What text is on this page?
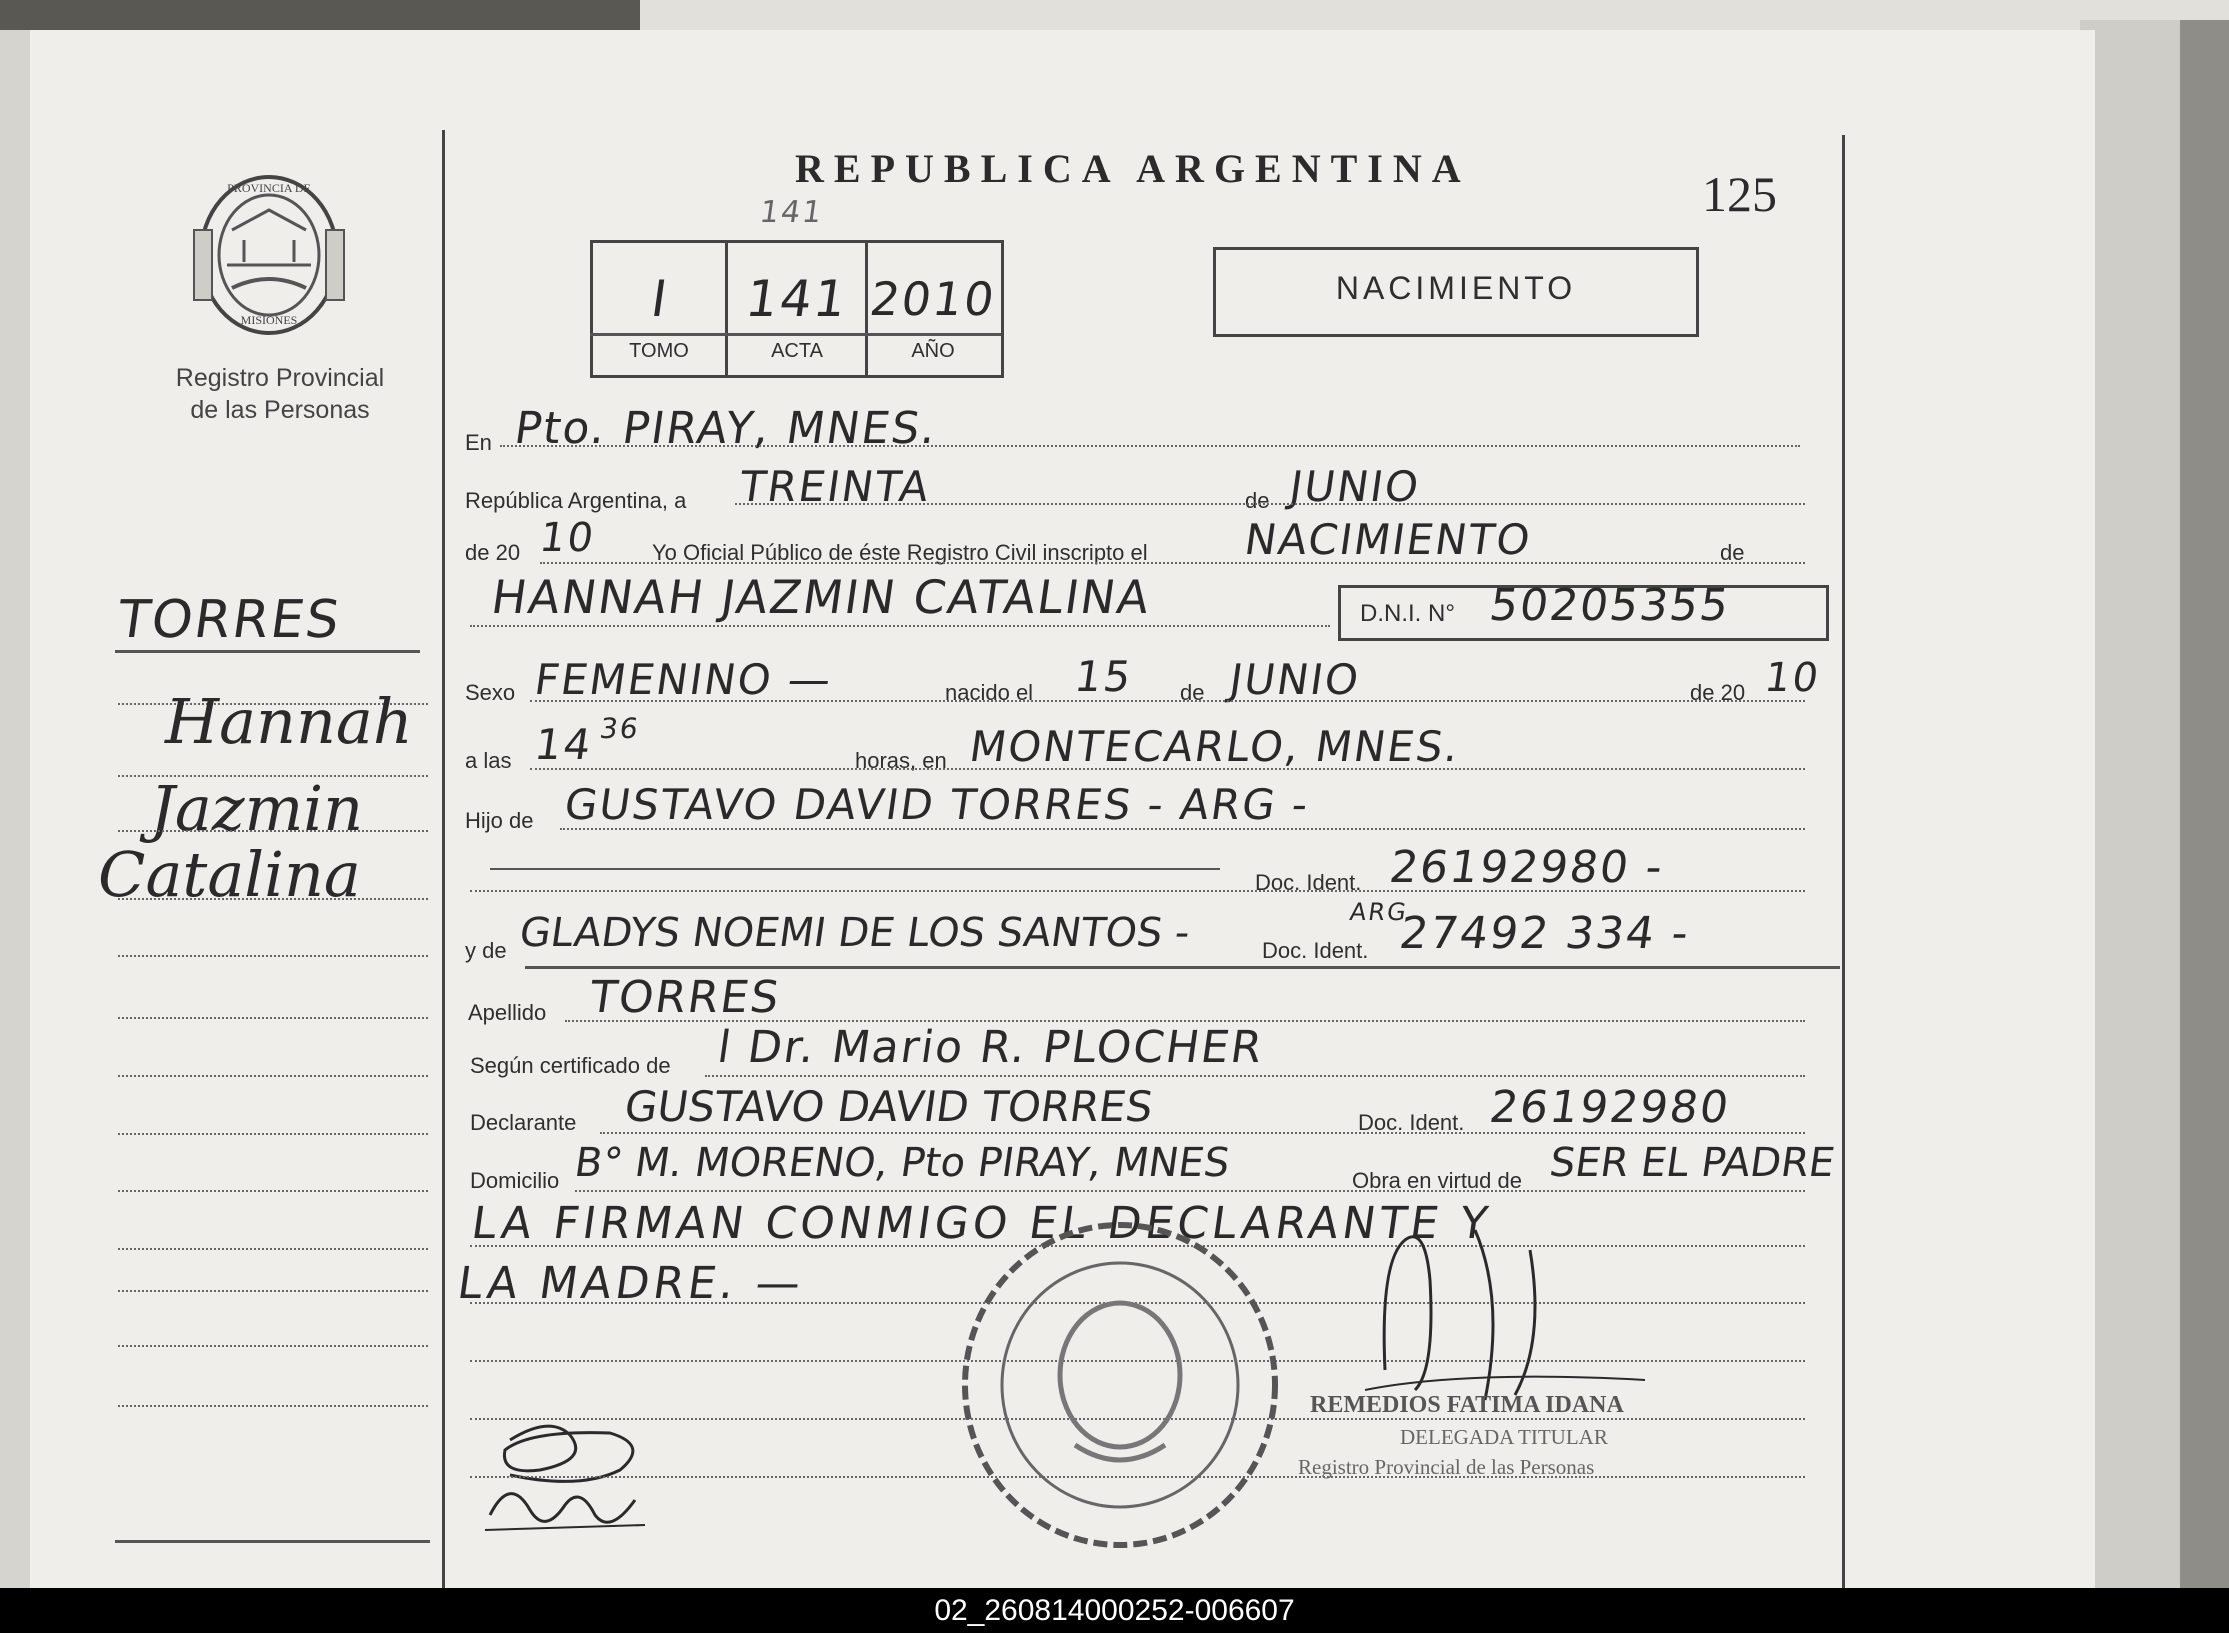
PROVINCIA DE
MISIONES
Registro Provincial
de las Personas
TORRES
Hannah
Jazmin
Catalina
REPUBLICA ARGENTINA	125
141
I	141 2010
TOMO	ACTA	AÑO
NACIMIENTO
En Pto. PIRAY, MNES.
República Argentina, a TREINTA	de JUNIO
de 20 10 Yo Oficial Público de éste Registro Civil inscripto el NACIMIENTO	de
HANNAH JAZMIN CATALINA	D.N.I. N° 50205355
Sexo FEMENINO —	nacido el 15 de JUNIO	de 20 10
a las 14 36
horas, en MONTECARLO, MNES.
Hijo de GUSTAVO DAVID TORRES - ARG -
Doc. Ident. 26192980 -
y de GLADYS NOEMI DE LOS SANTOS -	ARG
Doc. Ident. 27492 334 -
Apellido TORRES
Según certificado de l Dr. Mario R. PLOCHER
Declarante GUSTAVO DAVID TORRES	Doc. Ident. 26192980
Domicilio B° M. MORENO, Pto PIRAY, MNES	Obra en virtud de SER EL PADRE
LA FIRMAN CONMIGO EL DECLARANTE Y
LA MADRE. —
REMEDIOS FATIMA IDANA
DELEGADA TITULAR
Registro Provincial de las Personas
02_260814000252-006607
